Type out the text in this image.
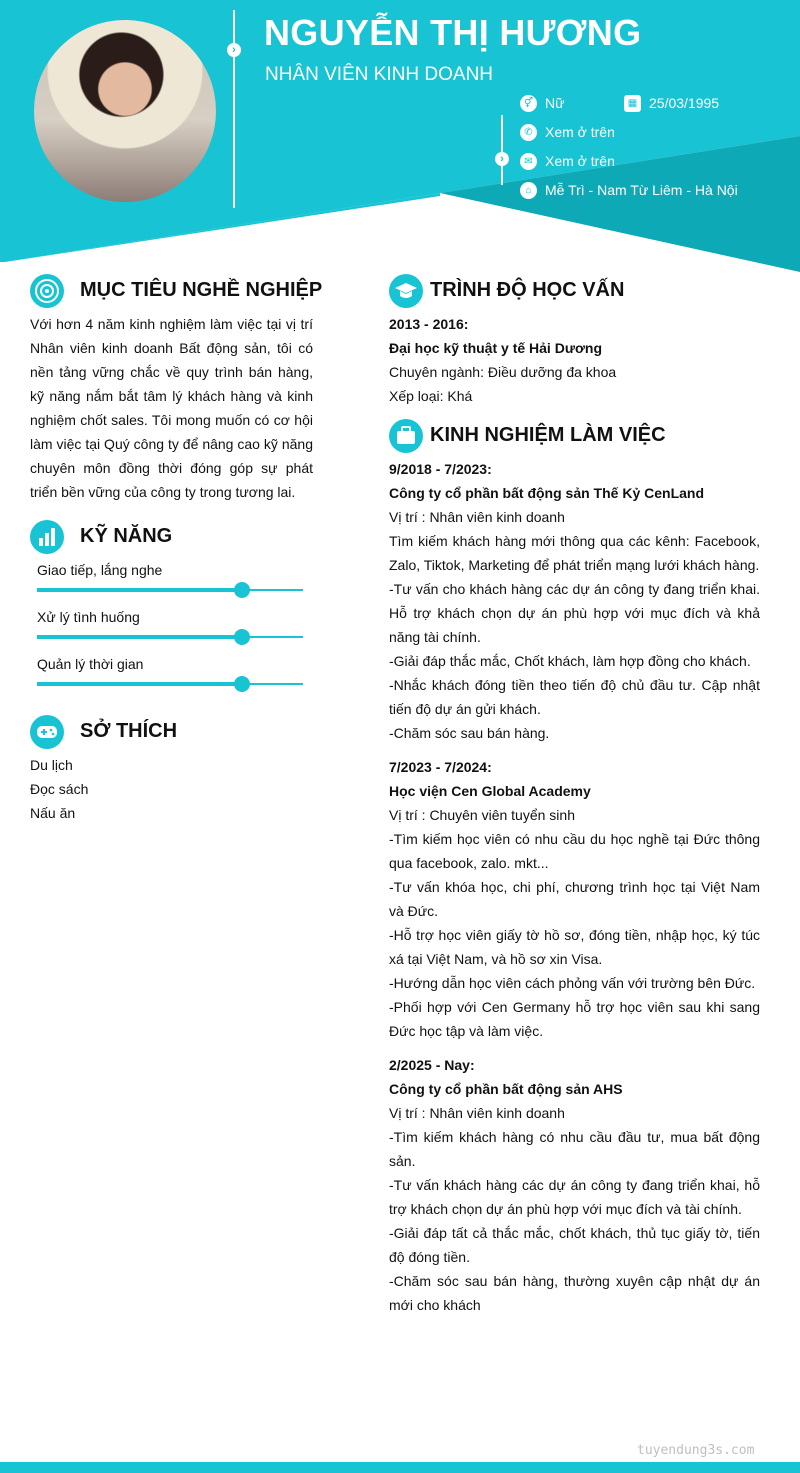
› NGUYỄN THỊ HƯƠNG
NHÂN VIÊN KINH DOANH
›
⚥ Nữ	▦ 25/03/1995
✆ Xem ở trên
✉ Xem ở trên
⌂ Mễ Trì - Nam Từ Liêm - Hà Nội
MỤC TIÊU NGHỀ NGHIỆP
Với hơn 4 năm kinh nghiệm làm việc tại vị trí Nhân viên kinh doanh Bất động sản, tôi có nền tảng vững chắc về quy trình bán hàng, kỹ năng nắm bắt tâm lý khách hàng và kinh nghiệm chốt sales. Tôi mong muốn có cơ hội làm việc tại Quý công ty để nâng cao kỹ năng chuyên môn đồng thời đóng góp sự phát triển bền vững của công ty trong tương lai.
KỸ NĂNG
Giao tiếp, lắng nghe
Xử lý tình huống
Quản lý thời gian
SỞ THÍCH
Du lịch
Đọc sách
Nấu ăn
TRÌNH ĐỘ HỌC VẤN

2013 - 2016:

Đại học kỹ thuật y tế Hải Dương

Chuyên ngành: Điều dưỡng đa khoa

Xếp loại: Khá

KINH NGHIỆM LÀM VIỆC

9/2018 - 7/2023:

Công ty cổ phần bất động sản Thế Kỷ CenLand

Vị trí : Nhân viên kinh doanh

Tìm kiếm khách hàng mới thông qua các kênh: Facebook, Zalo, Tiktok, Marketing để phát triển mạng lưới khách hàng.

-Tư vấn cho khách hàng các dự án công ty đang triển khai. Hỗ trợ khách chọn dự án phù hợp với mục đích và khả năng tài chính.

-Giải đáp thắc mắc, Chốt khách, làm hợp đồng cho khách.

-Nhắc khách đóng tiền theo tiến độ chủ đầu tư. Cập nhật tiến độ dự án gửi khách.

-Chăm sóc sau bán hàng.

7/2023 - 7/2024:

Học viện Cen Global Academy

Vị trí : Chuyên viên tuyển sinh

-Tìm kiếm học viên có nhu cầu du học nghề tại Đức thông qua facebook, zalo. mkt...

-Tư vấn khóa học, chi phí, chương trình học tại Việt Nam và Đức.

-Hỗ trợ học viên giấy tờ hồ sơ, đóng tiền, nhập học, ký túc xá tại Việt Nam, và hồ sơ xin Visa.

-Hướng dẫn học viên cách phỏng vấn với trường bên Đức.

-Phối hợp với Cen Germany hỗ trợ học viên sau khi sang Đức học tập và làm việc.

2/2025 - Nay:

Công ty cổ phần bất động sản AHS

Vị trí : Nhân viên kinh doanh

-Tìm kiếm khách hàng có nhu cầu đầu tư, mua bất động sản.

-Tư vấn khách hàng các dự án công ty đang triển khai, hỗ trợ khách chọn dự án phù hợp với mục đích và tài chính.

-Giải đáp tất cả thắc mắc, chốt khách, thủ tục giấy tờ, tiến độ đóng tiền.

-Chăm sóc sau bán hàng, thường xuyên cập nhật dự án mới cho khách

tuyendung3s.com
